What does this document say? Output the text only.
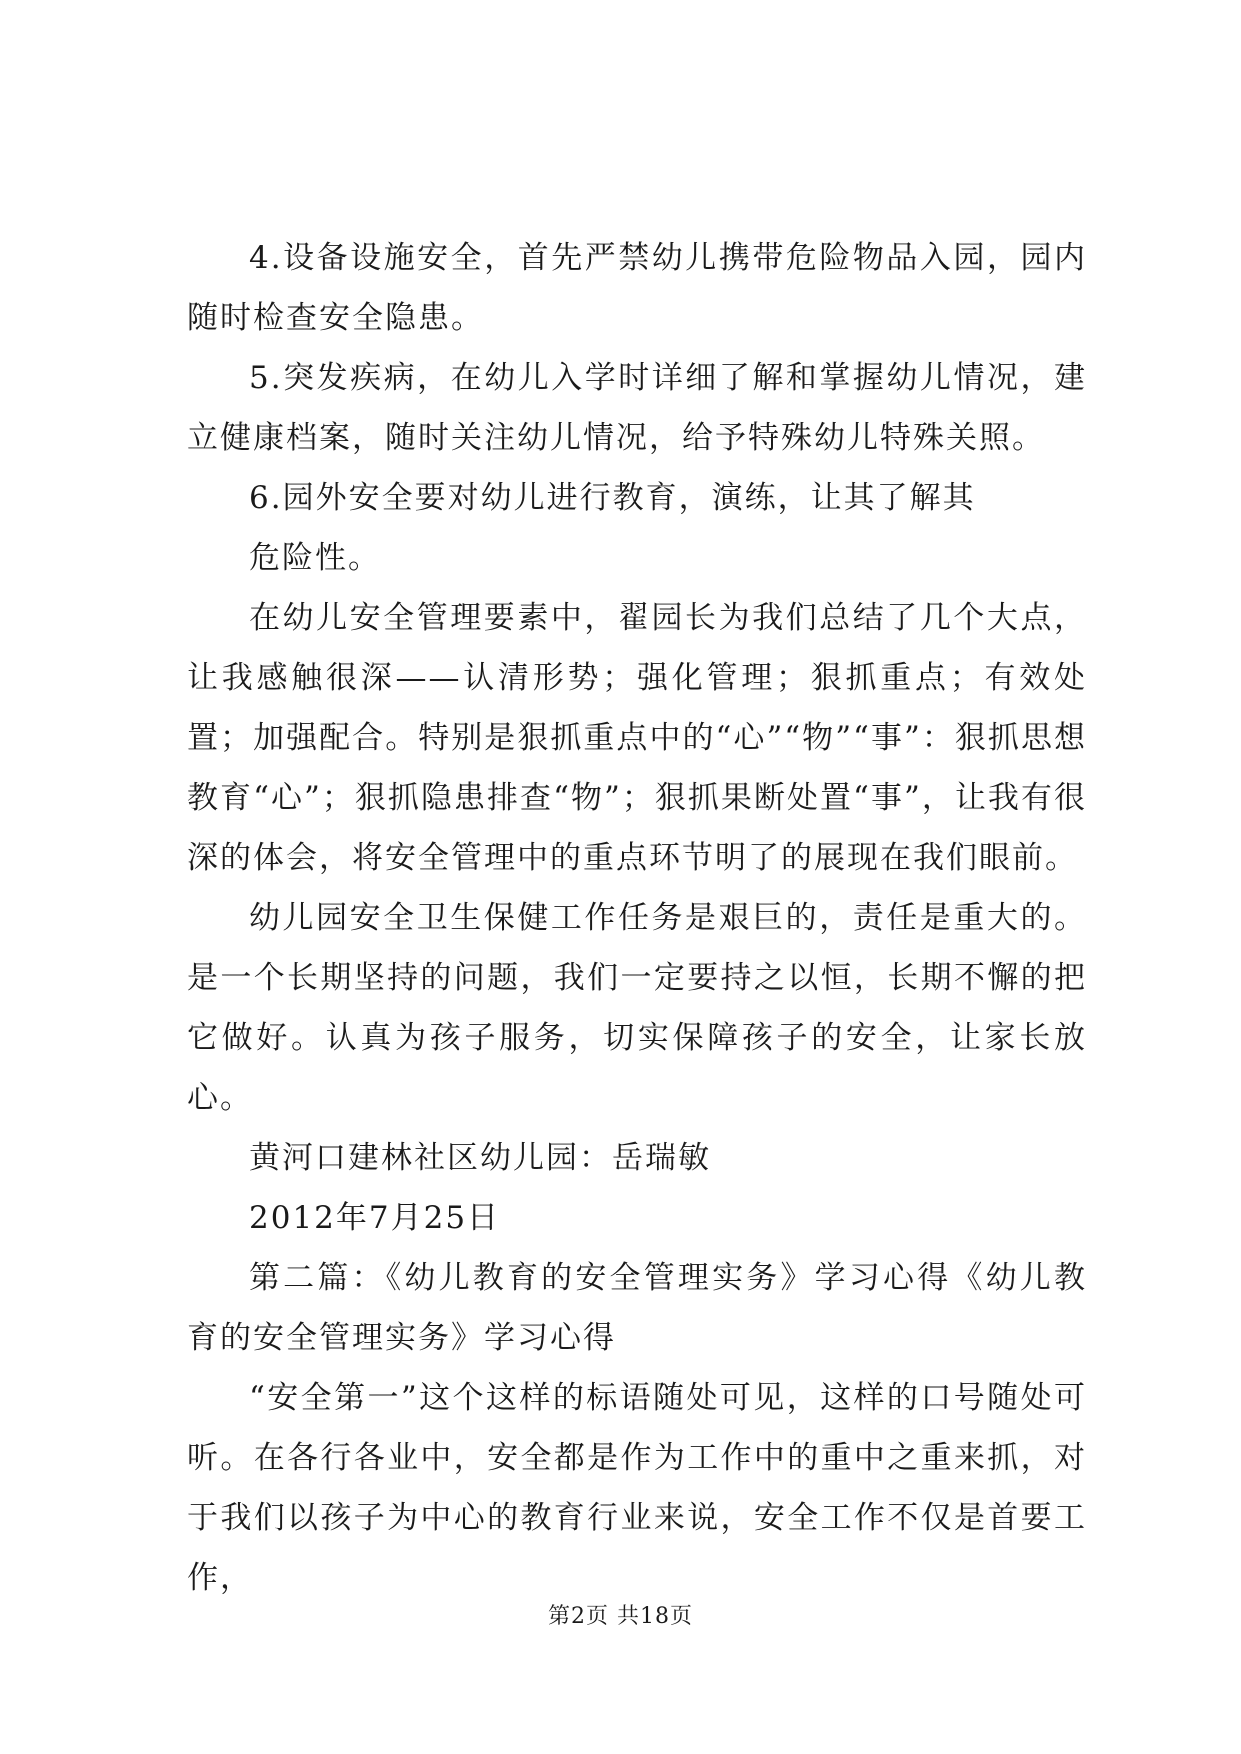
4.设备设施安全，首先严禁幼儿携带危险物品入园，园内随时检查安全隐患。

5.突发疾病，在幼儿入学时详细了解和掌握幼儿情况，建立健康档案，随时关注幼儿情况，给予特殊幼儿特殊关照。

6.园外安全要对幼儿进行教育，演练，让其了解其

危险性。

在幼儿安全管理要素中，翟园长为我们总结了几个大点，让我感触很深——认清形势；强化管理；狠抓重点；有效处置；加强配合。特别是狠抓重点中的“心”“物”“事”：狠抓思想教育“心”；狠抓隐患排查“物”；狠抓果断处置“事”，让我有很深的体会，将安全管理中的重点环节明了的展现在我们眼前。

幼儿园安全卫生保健工作任务是艰巨的，责任是重大的。是一个长期坚持的问题，我们一定要持之以恒，长期不懈的把它做好。认真为孩子服务，切实保障孩子的安全，让家长放心。

黄河口建林社区幼儿园：岳瑞敏

2012年7月25日

第二篇：《幼儿教育的安全管理实务》学习心得《幼儿教育的安全管理实务》学习心得

“安全第一”这个这样的标语随处可见，这样的口号随处可听。在各行各业中，安全都是作为工作中的重中之重来抓，对于我们以孩子为中心的教育行业来说，安全工作不仅是首要工作，

第2页 共18页
